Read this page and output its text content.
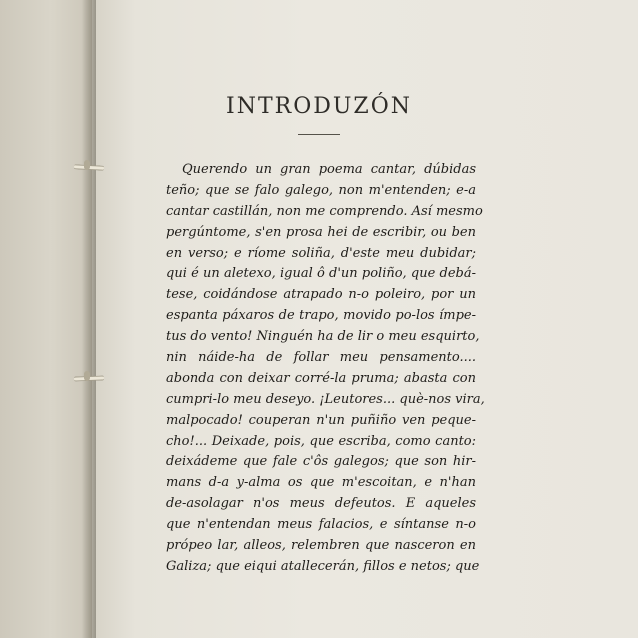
INTRODUZÓN
Querendo un gran poema cantar, dúbidas
teño; que se falo galego, non m'entenden; e-a
cantar castillán, non me comprendo. Así mesmo
pergúntome, s'en prosa hei de escribir, ou ben
en verso; e ríome soliña, d'este meu dubidar;
qui é un aletexo, igual ô d'un poliño, que debá-
tese, coidándose atrapado n-o poleiro, por un
espanta páxaros de trapo, movido po-los ímpe-
tus do vento! Ninguén ha de lir o meu esquirto,
nin náide-ha de follar meu pensamento....
abonda con deixar corré-la pruma; abasta con
cumpri-lo meu deseyo. ¡Leutores... què-nos vira,
malpocado! couperan n'un puñiño ven peque-
cho!... Deixade, pois, que escriba, como canto:
deixádeme que fale c'ôs galegos; que son hir-
mans d-a y-alma os que m'escoitan, e n'han
de-asolagar n'os meus defeutos. E aqueles
que n'entendan meus falacios, e síntanse n-o
própeo lar, alleos, relembren que nasceron en
Galiza; que eiqui atallecerán, fillos e netos; que
